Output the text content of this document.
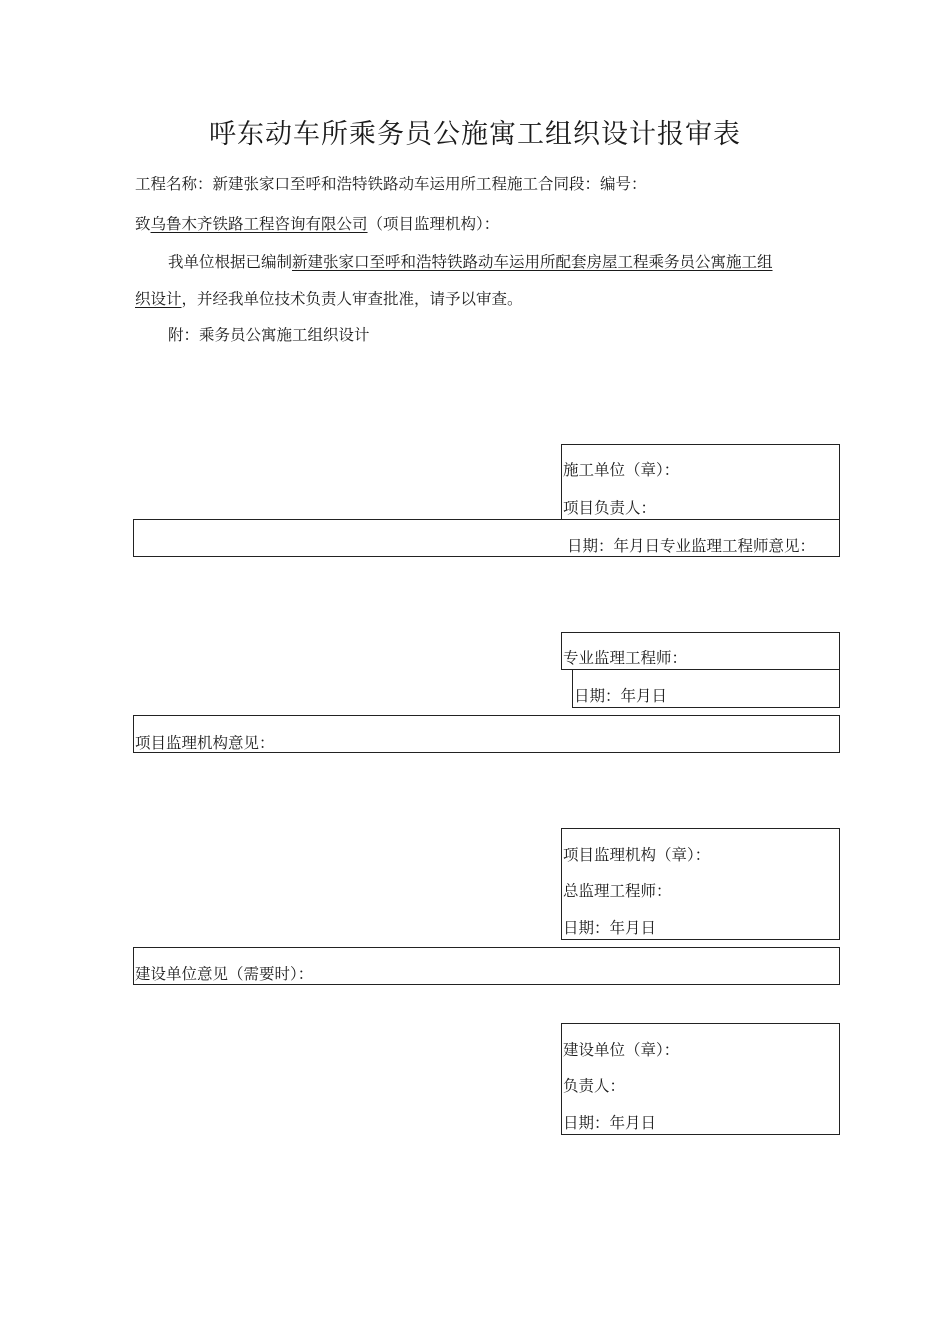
呼东动车所乘务员公施寓工组织设计报审表
工程名称：新建张家口至呼和浩特铁路动车运用所工程施工合同段：编号：
致乌鲁木齐铁路工程咨询有限公司（项目监理机构）：
我单位根据已编制新建张家口至呼和浩特铁路动车运用所配套房屋工程乘务员公寓施工组
织设计，并经我单位技术负责人审查批准，请予以审查。
附：乘务员公寓施工组织设计
施工单位（章）：
项目负责人：
日期：年月日专业监理工程师意见：
专业监理工程师：
日期：年月日
项目监理机构意见：
项目监理机构（章）：
总监理工程师：
日期：年月日
建设单位意见（需要时）：
建设单位（章）：
负责人：
日期：年月日
